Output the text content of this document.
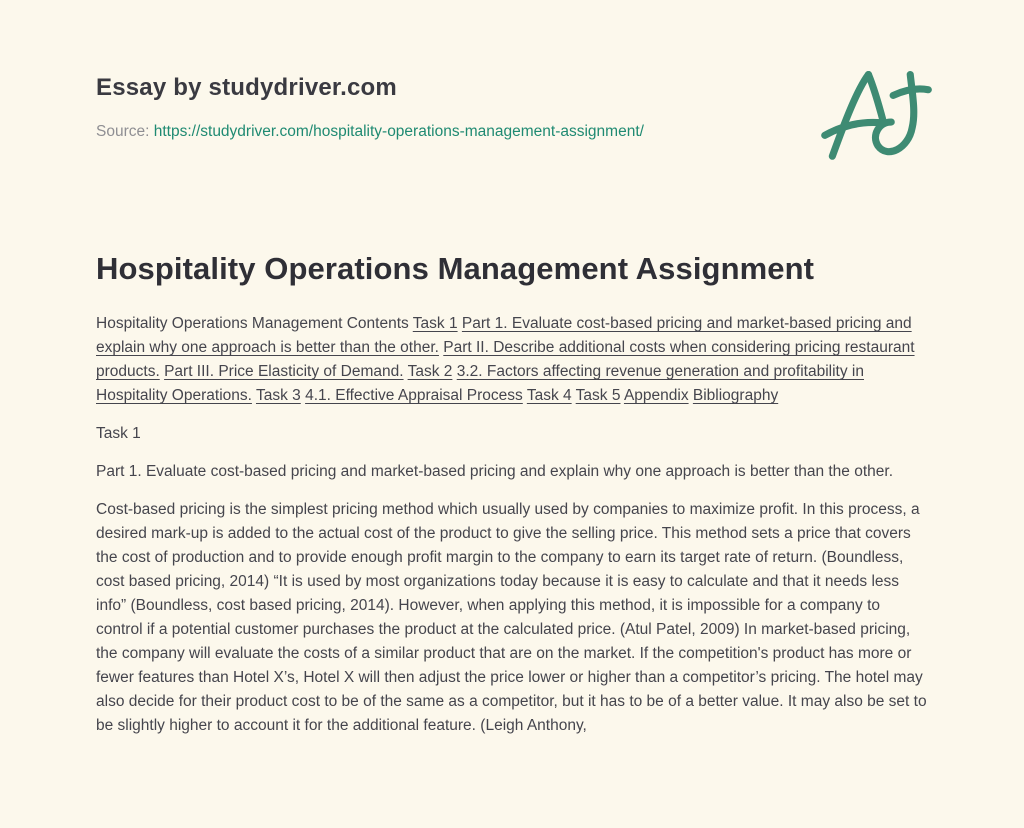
Essay by studydriver.com
Source: https://studydriver.com/hospitality-operations-management-assignment/
Hospitality Operations Management Assignment

Hospitality Operations Management Contents Task 1 Part 1. Evaluate cost-based pricing and market-based pricing and explain why one approach is better than the other. Part II. Describe additional costs when considering pricing restaurant products. Part III. Price Elasticity of Demand. Task 2 3.2. Factors affecting revenue generation and profitability in Hospitality Operations. Task 3 4.1. Effective Appraisal Process Task 4 Task 5 Appendix Bibliography

Task 1

Part 1. Evaluate cost-based pricing and market-based pricing and explain why one approach is better than the other.

Cost-based pricing is the simplest pricing method which usually used by companies to maximize profit. In this process, a desired mark-up is added to the actual cost of the product to give the selling price. This method sets a price that covers the cost of production and to provide enough profit margin to the company to earn its target rate of return. (Boundless, cost based pricing, 2014) “It is used by most organizations today because it is easy to calculate and that it needs less info” (Boundless, cost based pricing, 2014). However, when applying this method, it is impossible for a company to control if a potential customer purchases the product at the calculated price. (Atul Patel, 2009) In market-based pricing, the company will evaluate the costs of a similar product that are on the market. If the competition's product has more or fewer features than Hotel X’s, Hotel X will then adjust the price lower or higher than a competitor’s pricing. The hotel may also decide for their product cost to be of the same as a competitor, but it has to be of a better value. It may also be set to be slightly higher to account it for the additional feature. (Leigh Anthony,
